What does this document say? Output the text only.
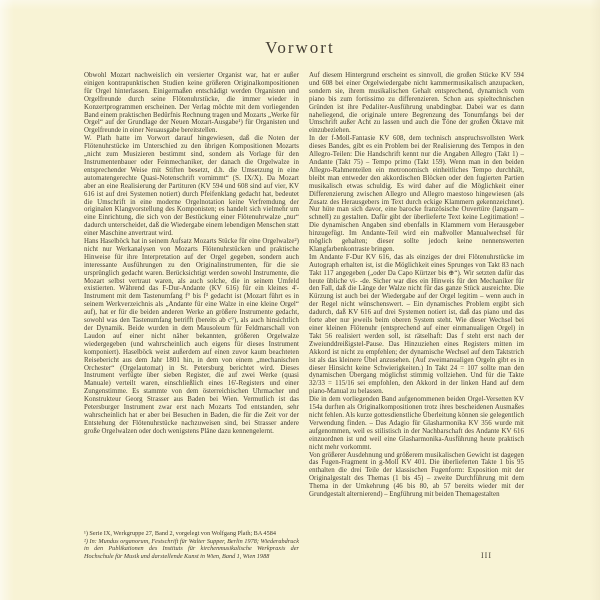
Vorwort

Obwohl Mozart nachweislich ein versierter Organist war, hat er außer einigen kontrapunktischen Studien keine größeren Originalkompositionen für Orgel hinterlassen. Einigermaßen entschädigt werden Organisten und Orgelfreunde durch seine Flötenuhrstücke, die immer wieder in Konzertprogrammen erscheinen. Der Verlag möchte mit dem vorliegenden Band einem praktischen Bedürfnis Rechnung tragen und Mozarts „Werke für Orgel“ auf der Grundlage der Neuen Mozart-Ausgabe¹) für Organisten und Orgelfreunde in einer Neuausgabe bereitstellen.

W. Plath hatte im Vorwort darauf hingewiesen, daß die Noten der Flötenuhrstücke im Unterschied zu den übrigen Kompositionen Mozarts „nicht zum Musizieren bestimmt sind, sondern als Vorlage für den Instrumentenbauer oder Feinmechaniker, der danach die Orgelwalze in entsprechender Weise mit Stiften besetzt, d.h. die Umsetzung in eine automatengerechte Quasi-Notenschrift vornimmt“ (S. IX/X). Da Mozart aber an eine Realisierung der Partituren (KV 594 und 608 sind auf vier, KV 616 ist auf drei Systemen notiert) durch Pfeifenklang gedacht hat, bedeutet die Umschrift in eine moderne Orgelnotation keine Verfremdung der originalen Klangvorstellung des Komponisten; es handelt sich vielmehr um eine Einrichtung, die sich von der Bestückung einer Flötenuhrwalze „nur“ dadurch unterscheidet, daß die Wiedergabe einem lebendigen Menschen statt einer Maschine anvertraut wird.

Hans Haselböck hat in seinem Aufsatz Mozarts Stücke für eine Orgelwalze²) nicht nur Werkanalysen von Mozarts Flötenuhrstücken und praktische Hinweise für ihre Interpretation auf der Orgel gegeben, sondern auch interessante Ausführungen zu den Originalinstrumenten, für die sie ursprünglich gedacht waren. Berücksichtigt werden sowohl Instrumente, die Mozart selbst vertraut waren, als auch solche, die in seinem Umfeld existierten. Während das F-Dur-Andante (KV 616) für ein kleines 4'-Instrument mit dem Tastenumfang f° bis f³ gedacht ist (Mozart führt es in seinem Werkverzeichnis als „Andante für eine Walze in eine kleine Orgel“ auf), hat er für die beiden anderen Werke an größere Instrumente gedacht, sowohl was den Tastenumfang betrifft (bereits ab c°), als auch hinsichtlich der Dynamik. Beide wurden in dem Mausoleum für Feldmarschall von Laudon auf einer nicht näher bekannten, größeren Orgelwalze wiedergegeben (und wahrscheinlich auch eigens für dieses Instrument komponiert). Haselböck weist außerdem auf einen zuvor kaum beachteten Reisebericht aus dem Jahr 1801 hin, in dem von einem „mechanischen Orchester“ (Orgelautomat) in St. Petersburg berichtet wird. Dieses Instrument verfügte über sieben Register, die auf zwei Werke (quasi Manuale) verteilt waren, einschließlich eines 16'-Registers und einer Zungenstimme. Es stammte von dem österreichischen Uhrmacher und Konstrukteur Georg Strasser aus Baden bei Wien. Vermutlich ist das Petersburger Instrument zwar erst nach Mozarts Tod entstanden, sehr wahrscheinlich hat er aber bei Besuchen in Baden, die für die Zeit vor der Entstehung der Flötenuhrstücke nachzuweisen sind, bei Strasser andere große Orgelwalzen oder doch wenigstens Pläne dazu kennengelernt.

¹) Serie IX, Werkgruppe 27, Band 2, vorgelegt von Wolfgang Plath; BA 4584

²) In: Mundus organorum, Festschrift für Walter Supper, Berlin 1978; Wiederabdruck in den Publikationen des Instituts für kirchenmusikalische Werkpraxis der Hochschule für Musik und darstellende Kunst in Wien, Band 1, Wien 1988

Auf diesem Hintergrund erscheint es sinnvoll, die großen Stücke KV 594 und 608 bei einer Orgelwiedergabe nicht kammermusikalisch anzupacken, sondern sie, ihrem musikalischen Gehalt entsprechend, dynamisch vom piano bis zum fortissimo zu differenzieren. Schon aus spieltechnischen Gründen ist ihre Pedaliter-Ausführung unabdingbar. Dabei war es dann naheliegend, die originale untere Begrenzung des Tonumfangs bei der Umschrift außer Acht zu lassen und auch die Töne der großen Oktave mit einzubeziehen.

In der f-Moll-Fantasie KV 608, dem technisch anspruchsvollsten Werk dieses Bandes, gibt es ein Problem bei der Realisierung des Tempos in den Allegro-Teilen: Die Handschrift kennt nur die Angaben Allegro (Takt 1) – Andante (Takt 75) – Tempo primo (Takt 159). Wenn man in den beiden Allegro-Rahmenteilen ein metronomisch einheitliches Tempo durchhält, bleibt man entweder den akkordischen Blöcken oder den fugierten Partien musikalisch etwas schuldig. Es wird daher auf die Möglichkeit einer Differenzierung zwischen Allegro und Allegro maestoso hingewiesen (als Zusatz des Herausgebers im Text durch eckige Klammern gekennzeichnet). Nur hüte man sich davor, eine barocke französische Ouvertüre (langsam – schnell) zu gestalten. Dafür gibt der überlieferte Text keine Legitimation! – Die dynamischen Angaben sind ebenfalls in Klammern vom Herausgeber hinzugefügt. Im Andante-Teil wird ein maßvoller Manualwechsel für möglich gehalten; dieser sollte jedoch keine nennenswerten Klangfarbenkontraste bringen.

Im Andante F-Dur KV 616, das als einziges der drei Flötenuhrstücke im Autograph erhalten ist, ist die Möglichkeit eines Sprunges von Takt 83 nach Takt 117 angegeben („oder Da Capo Kürtzer bis ⊕“). Wir setzten dafür das heute übliche vi- -de. Sicher war dies ein Hinweis für den Mechaniker für den Fall, daß die Länge der Walze nicht für das ganze Stück ausreichte. Die Kürzung ist auch bei der Wiedergabe auf der Orgel legitim – wenn auch in der Regel nicht wünschenswert. – Ein dynamisches Problem ergibt sich dadurch, daß KV 616 auf drei Systemen notiert ist, daß das piano und das forte aber nur jeweils beim oberen System steht. Wie dieser Wechsel bei einer kleinen Flötenuhr (entsprechend auf einer einmanualigen Orgel) in Takt 56 realisiert werden soll, ist rätselhaft: Das f steht erst nach der Zweiunddreißigstel-Pause. Das Hinzuziehen eines Registers mitten im Akkord ist nicht zu empfehlen; der dynamische Wechsel auf dem Taktstrich ist als das kleinere Übel anzusehen. (Auf zweimanualigen Orgeln gibt es in dieser Hinsicht keine Schwierigkeiten.) In Takt 24 = 107 sollte man den dynamischen Übergang möglichst stimmig vollziehen. Und für die Takte 32/33 = 115/16 sei empfohlen, den Akkord in der linken Hand auf dem piano-Manual zu belassen.

Die in dem vorliegenden Band aufgenommenen beiden Orgel-Versetten KV 154a durften als Originalkompositionen trotz ihres bescheidenen Ausmaßes nicht fehlen. Als kurze gottesdienstliche Überleitung können sie gelegentlich Verwendung finden. – Das Adagio für Glasharmonika KV 356 wurde mit aufgenommen, weil es stilistisch in der Nachbarschaft des Andante KV 616 einzuordnen ist und weil eine Glasharmonika-Ausführung heute praktisch nicht mehr vorkommt.

Von größerer Ausdehnung und größerem musikalischen Gewicht ist dagegen das Fugen-Fragment in g-Moll KV 401. Die überlieferten Takte 1 bis 95 enthalten die drei Teile der klassischen Fugenform: Exposition mit der Originalgestalt des Themas (1 bis 45) – zweite Durchführung mit dem Thema in der Umkehrung (46 bis 80, ab 57 bereits wieder mit der Grundgestalt alternierend) – Engführung mit beiden Themagestalten

III
